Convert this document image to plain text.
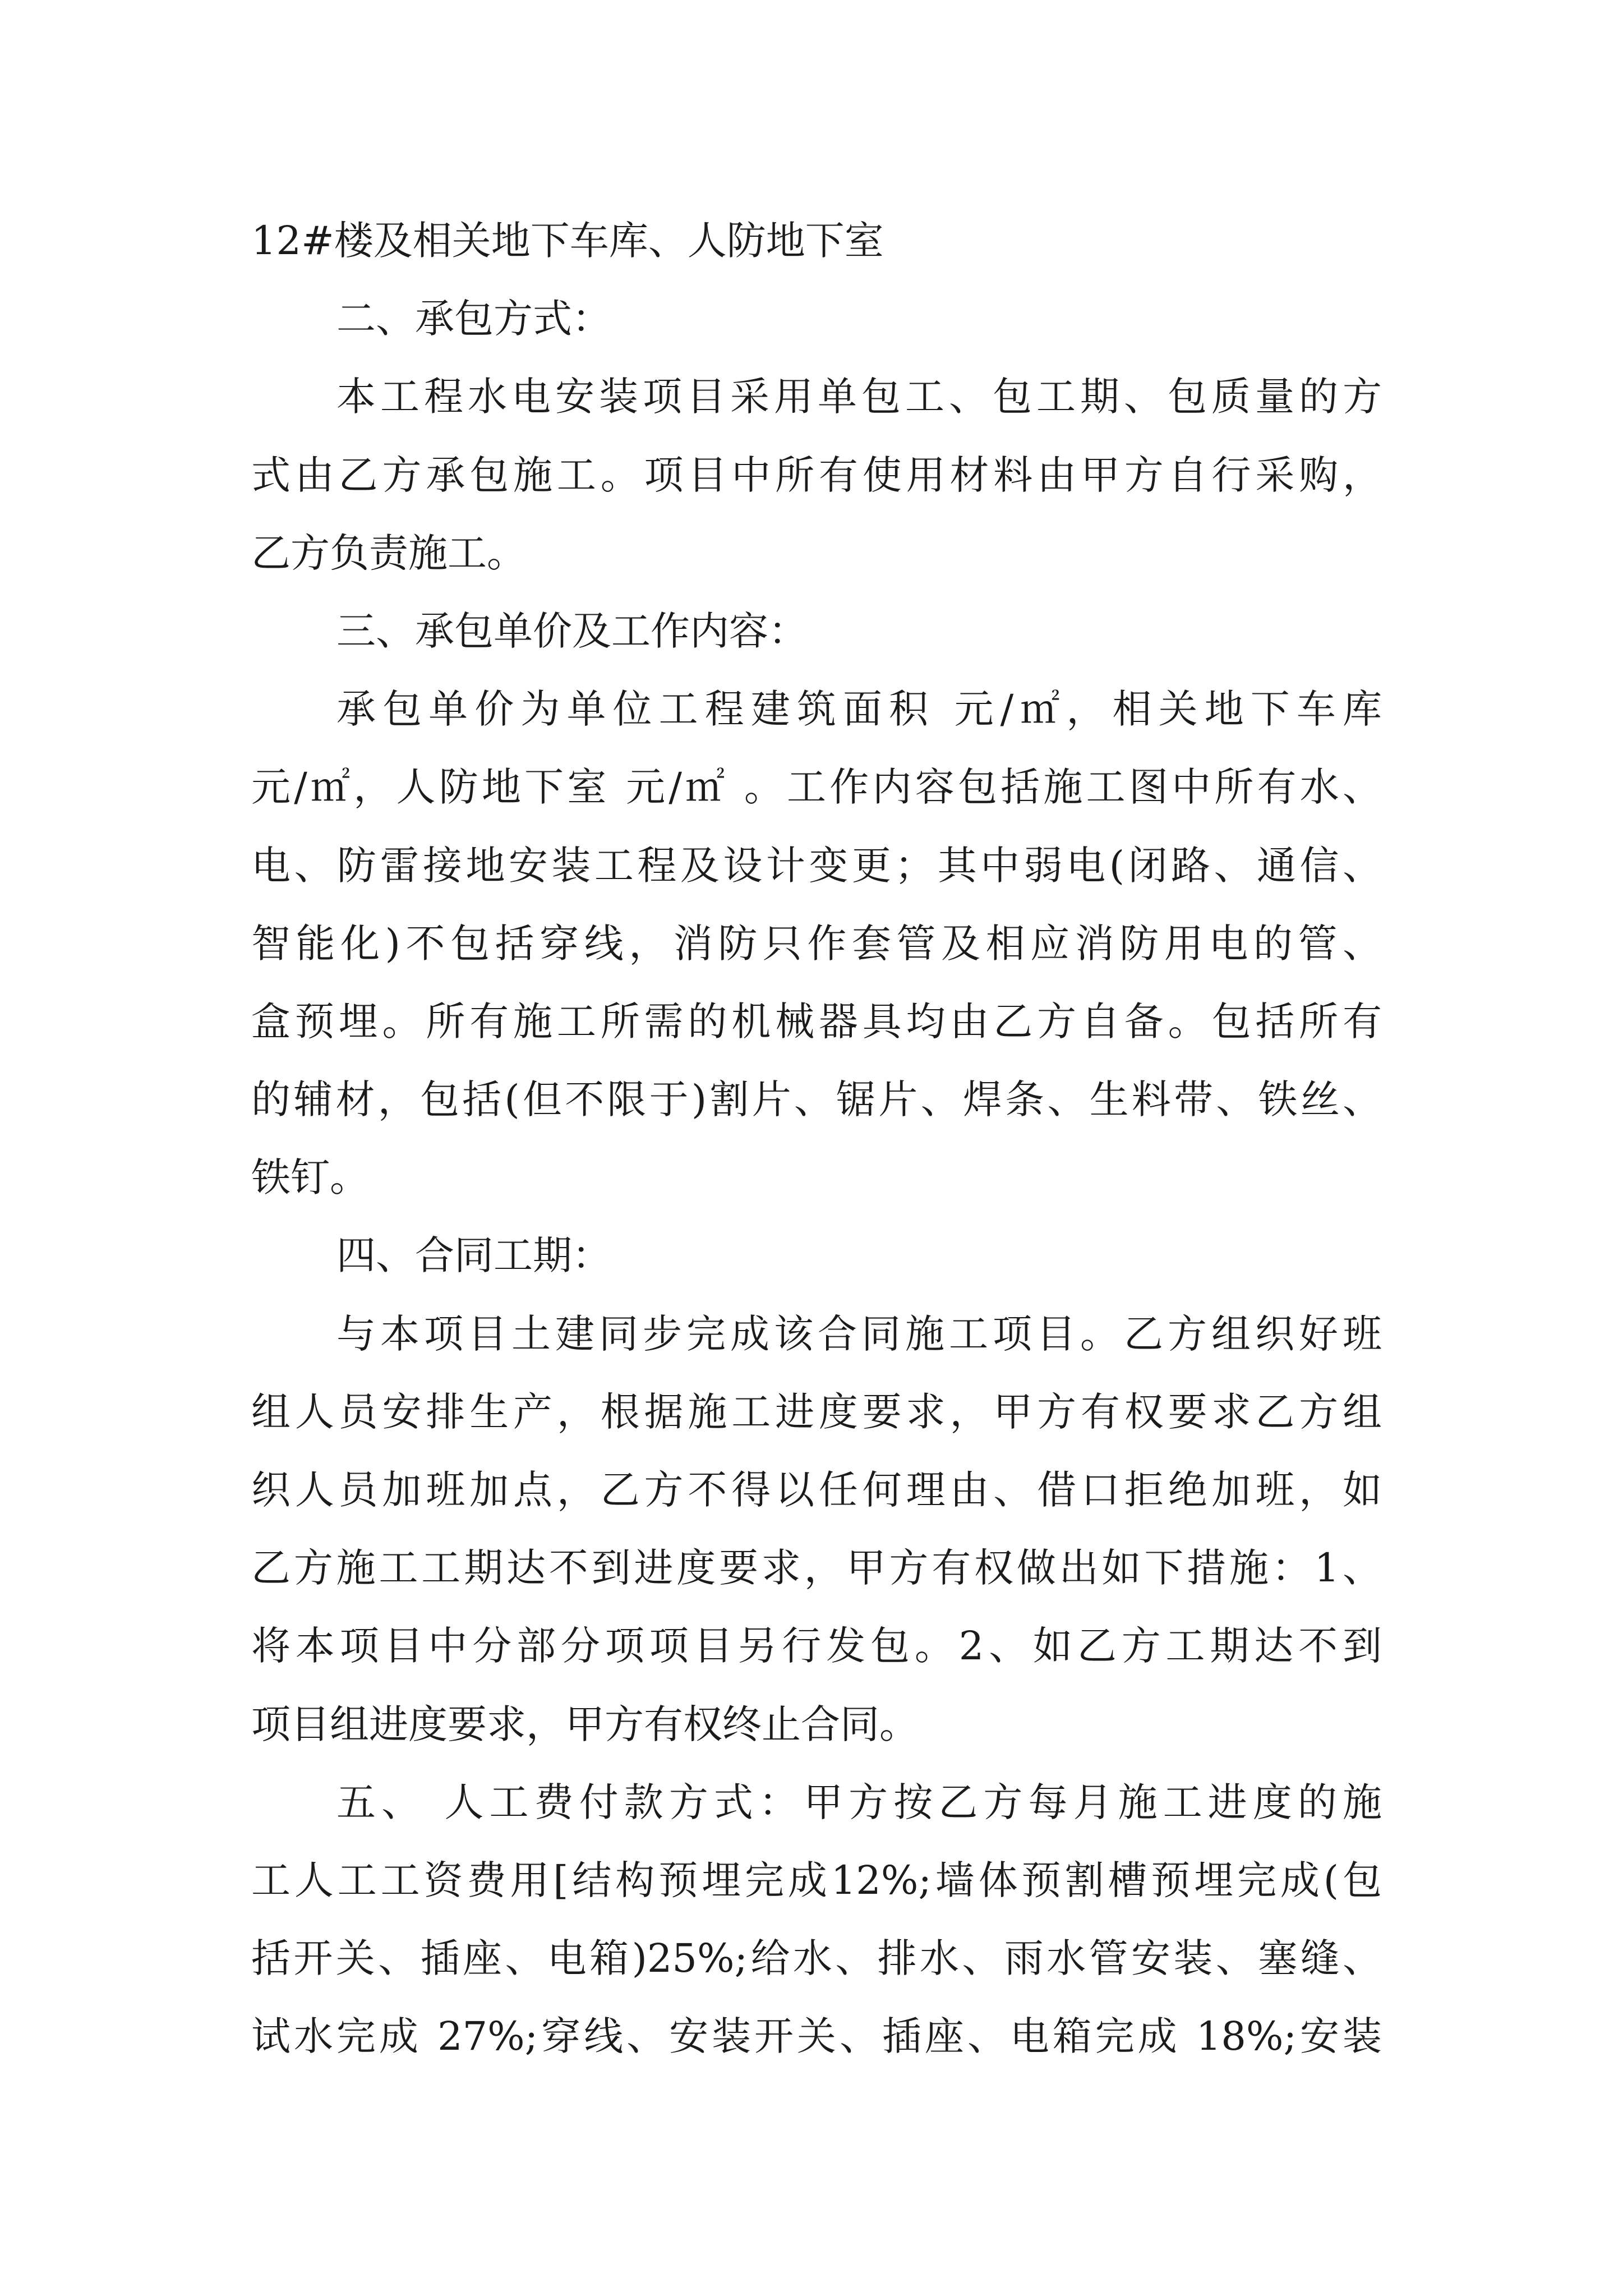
12#楼及相关地下车库、人防地下室
二、承包方式：
本工程水电安装项目采用单包工、包工期、包质量的方
式由乙方承包施工。项目中所有使用材料由甲方自行采购，
乙方负责施工。
三、承包单价及工作内容：
承包单价为单位工程建筑面积 元/㎡，相关地下车库
元/㎡，人防地下室 元/㎡ 。工作内容包括施工图中所有水、
电、防雷接地安装工程及设计变更；其中弱电(闭路、通信、
智能化)不包括穿线，消防只作套管及相应消防用电的管、
盒预埋。所有施工所需的机械器具均由乙方自备。包括所有
的辅材，包括(但不限于)割片、锯片、焊条、生料带、铁丝、
铁钉。
四、合同工期：
与本项目土建同步完成该合同施工项目。乙方组织好班
组人员安排生产，根据施工进度要求，甲方有权要求乙方组
织人员加班加点，乙方不得以任何理由、借口拒绝加班，如
乙方施工工期达不到进度要求，甲方有权做出如下措施：1、
将本项目中分部分项项目另行发包。2、如乙方工期达不到
项目组进度要求，甲方有权终止合同。
五、 人工费付款方式：甲方按乙方每月施工进度的施
工人工工资费用[结构预埋完成12%;墙体预割槽预埋完成(包
括开关、插座、电箱)25%;给水、排水、雨水管安装、塞缝、
试水完成 27%;穿线、安装开关、插座、电箱完成 18%;安装
